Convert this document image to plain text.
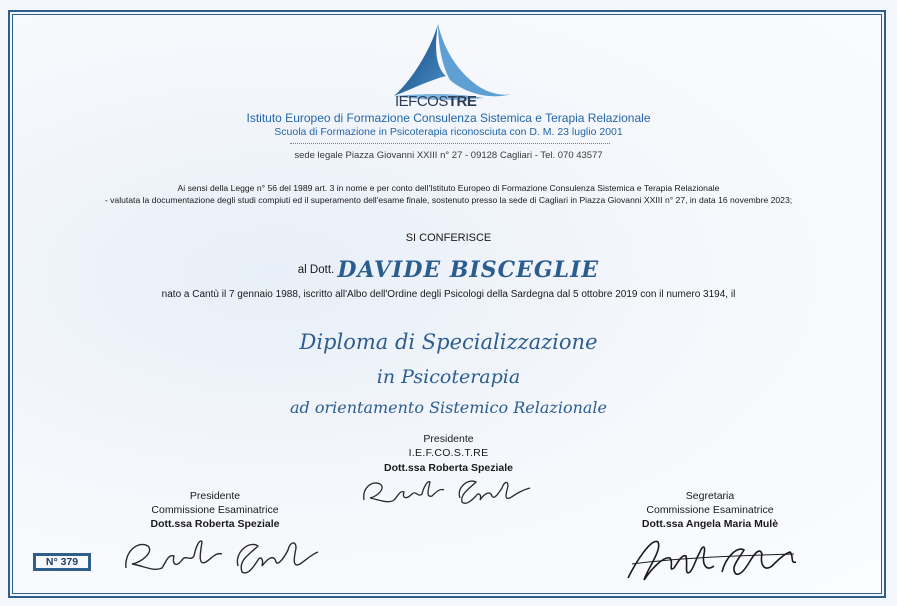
IEFCOSTRE
Istituto Europeo di Formazione Consulenza Sistemica e Terapia Relazionale
Scuola di Formazione in Psicoterapia riconosciuta con D. M. 23 luglio 2001
sede legale Piazza Giovanni XXIII n° 27 - 09128 Cagliari - Tel. 070 43577
Ai sensi della Legge n° 56 del 1989 art. 3 in nome e per conto dell'Istituto Europeo di Formazione Consulenza Sistemica e Terapia Relazionale
- valutata la documentazione degli studi compiuti ed il superamento dell'esame finale, sostenuto presso la sede di Cagliari in Piazza Giovanni XXIII n° 27, in data 16 novembre 2023;
SI CONFERISCE
al Dott. DAVIDE BISCEGLIE
nato a Cantù il 7 gennaio 1988, iscritto all'Albo dell'Ordine degli Psicologi della Sardegna dal 5 ottobre 2019 con il numero 3194, il
Diploma di Specializzazione
in Psicoterapia
ad orientamento Sistemico Relazionale
Presidente
I.E.F.CO.S.T.RE
Dott.ssa Roberta Speziale
Presidente
Commissione Esaminatrice
Dott.ssa Roberta Speziale
Segretaria
Commissione Esaminatrice
Dott.ssa Angela Maria Mulè
N° 379
